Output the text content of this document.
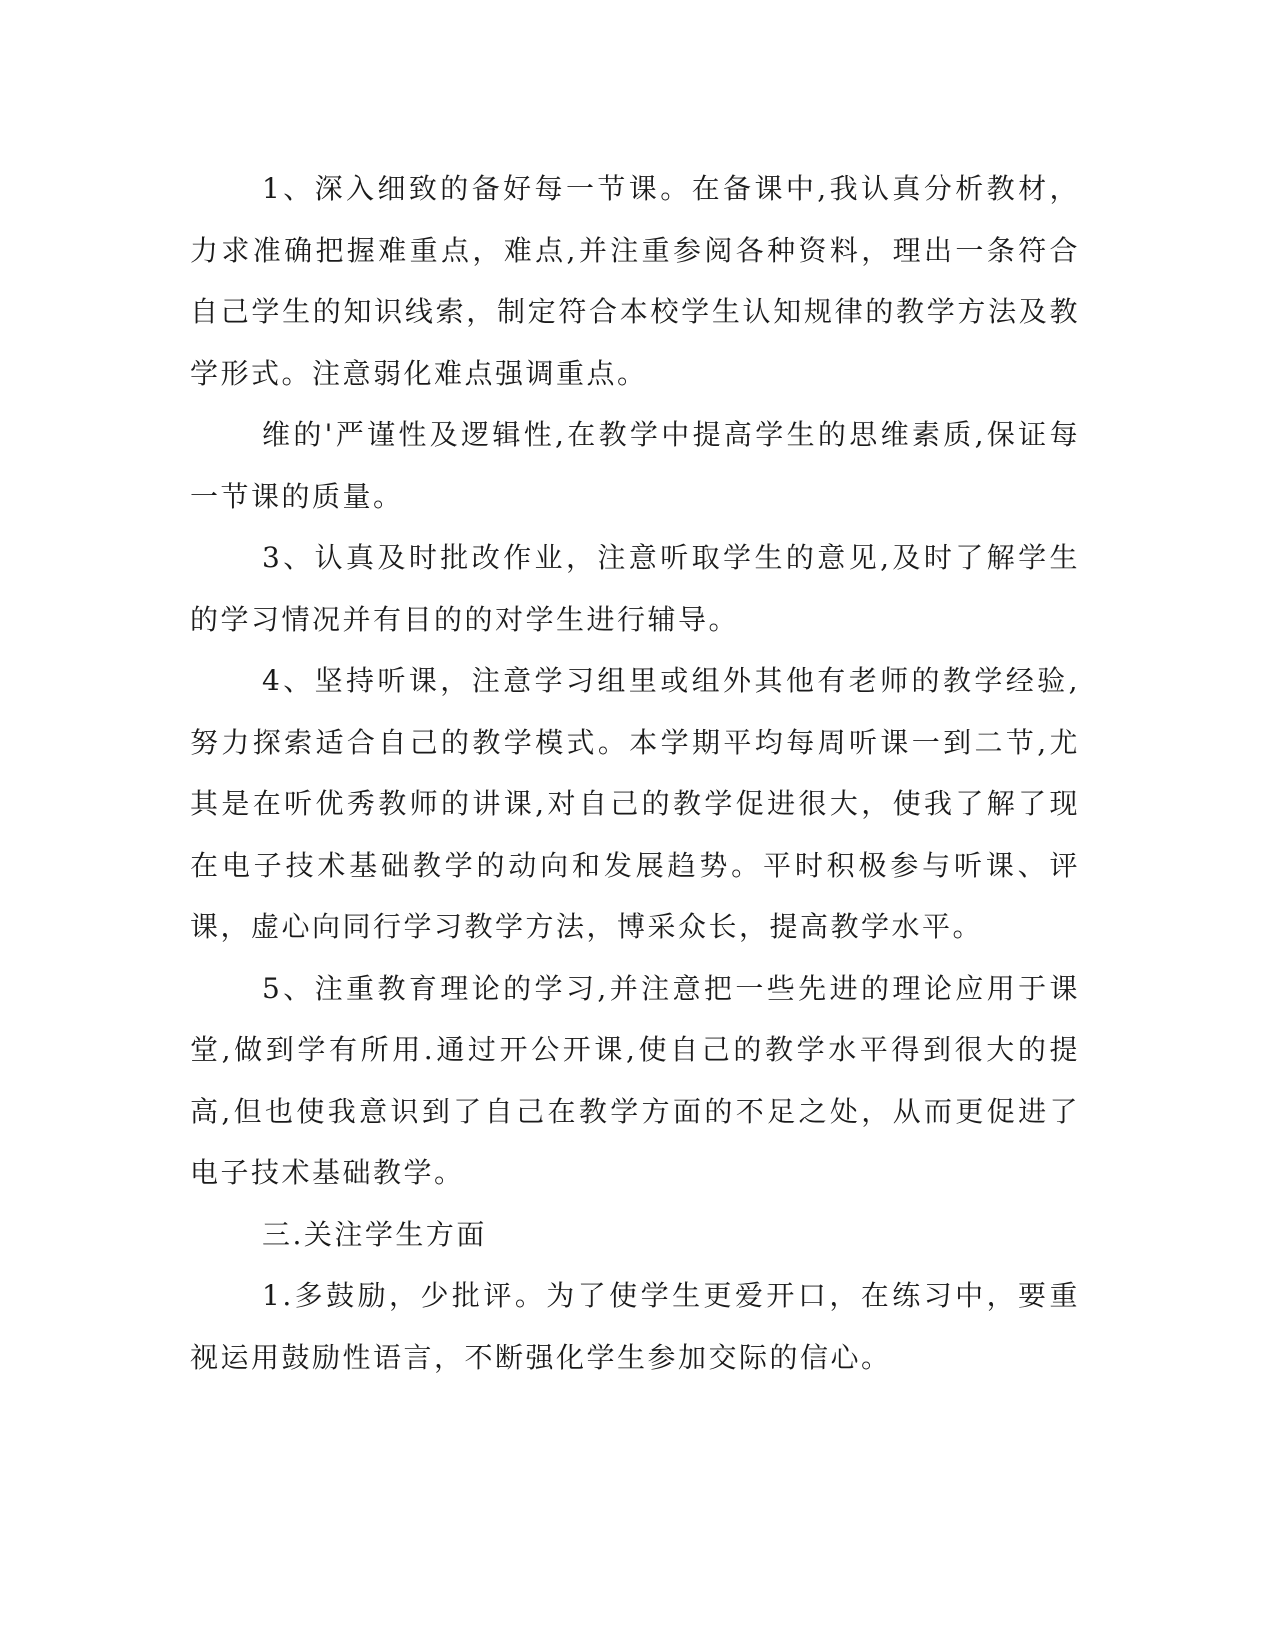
1、深入细致的备好每一节课。在备课中,我认真分析教材，力求准确把握难重点，难点,并注重参阅各种资料，理出一条符合自己学生的知识线索，制定符合本校学生认知规律的教学方法及教学形式。注意弱化难点强调重点。

维的'严谨性及逻辑性,在教学中提高学生的思维素质,保证每一节课的质量。

3、认真及时批改作业，注意听取学生的意见,及时了解学生的学习情况并有目的的对学生进行辅导。

4、坚持听课，注意学习组里或组外其他有老师的教学经验,努力探索适合自己的教学模式。本学期平均每周听课一到二节,尤其是在听优秀教师的讲课,对自己的教学促进很大，使我了解了现在电子技术基础教学的动向和发展趋势。平时积极参与听课、评课，虚心向同行学习教学方法，博采众长，提高教学水平。

5、注重教育理论的学习,并注意把一些先进的理论应用于课堂,做到学有所用.通过开公开课,使自己的教学水平得到很大的提高,但也使我意识到了自己在教学方面的不足之处，从而更促进了电子技术基础教学。

三.关注学生方面

1.多鼓励，少批评。为了使学生更爱开口，在练习中，要重视运用鼓励性语言，不断强化学生参加交际的信心。
